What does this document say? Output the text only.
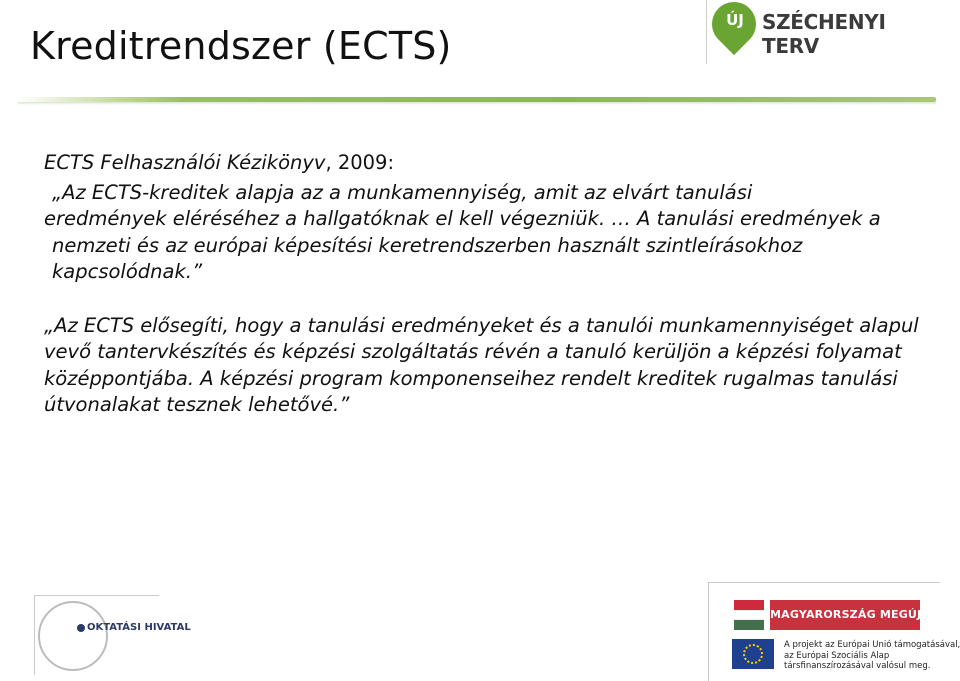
Kreditrendszer (ECTS)
ÚJ SZÉCHENYI TERV

ECTS Felhasználói Kézikönyv, 2009:

„Az ECTS-kreditek alapja az a munkamennyiség, amit az elvárt tanulási
eredmények eléréséhez a hallgatóknak el kell végezniük. … A tanulási eredmények a nemzeti és az európai képesítési keretrendszerben használt szintleírásokhoz kapcsolódnak.”

„Az ECTS elősegíti, hogy a tanulási eredményeket és a tanulói munkamennyiséget alapul vevő tantervkészítés és képzési szolgáltatás révén a tanuló kerüljön a képzési folyamat középpontjába. A képzési program komponenseihez rendelt kreditek rugalmas tanulási útvonalakat tesznek lehetővé.”

OKTATÁSI HIVATAL
MAGYARORSZÁG MEGÚJUL
A projekt az Európai Unió támogatásával,
az Európai Szociális Alap
társfinanszírozásával valósul meg.
